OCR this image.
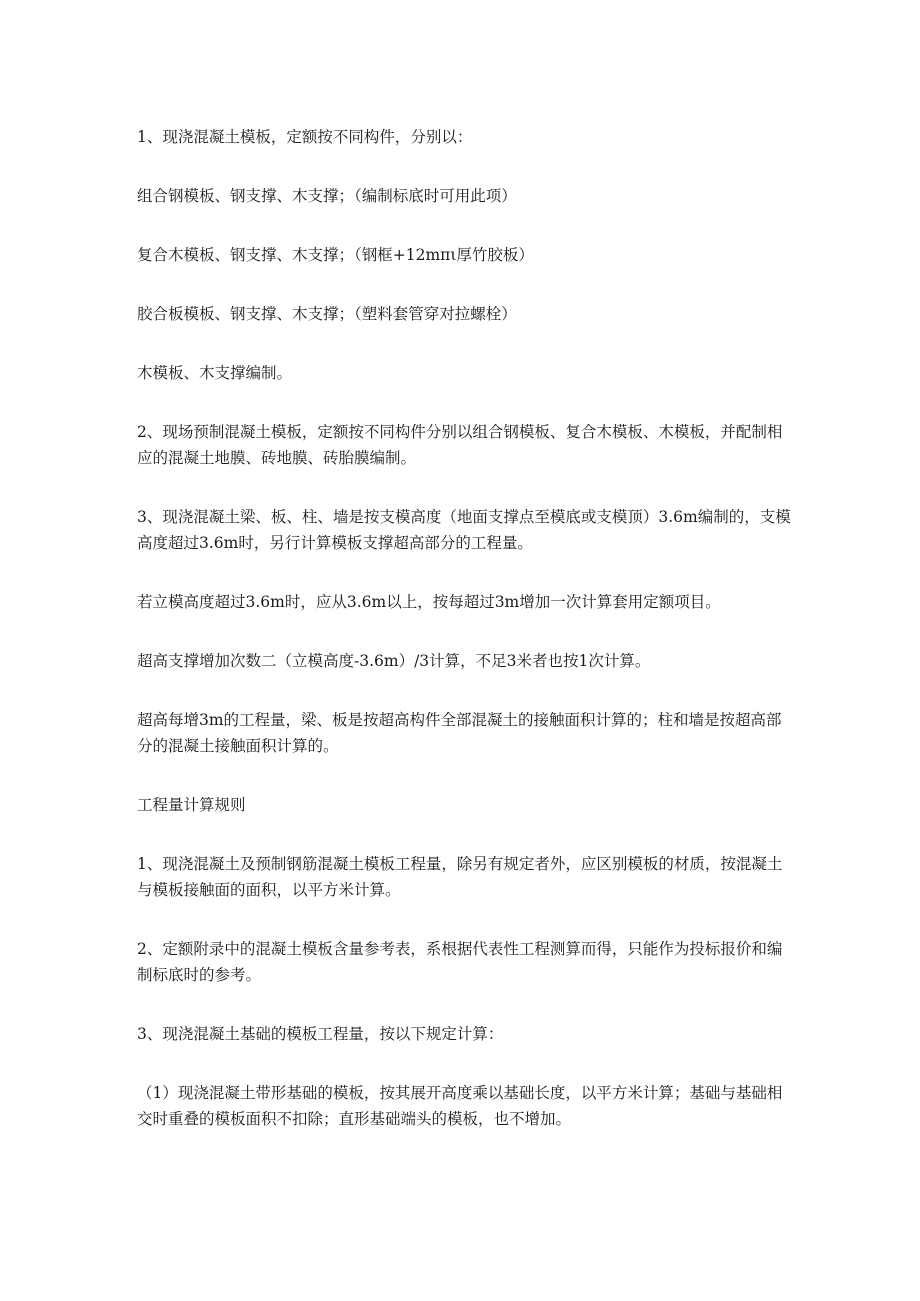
1、现浇混凝土模板，定额按不同构件，分别以：

组合钢模板、钢支撑、木支撑；（编制标底时可用此项）

复合木模板、钢支撑、木支撑；（钢框+12mπι厚竹胶板）

胶合板模板、钢支撑、木支撑；（塑料套管穿对拉螺栓）

木模板、木支撑编制。

2、现场预制混凝土模板，定额按不同构件分别以组合钢模板、复合木模板、木模板，并配制相应的混凝土地膜、砖地膜、砖胎膜编制。

3、现浇混凝土梁、板、柱、墙是按支模高度（地面支撑点至模底或支模顶）3.6m编制的，支模高度超过3.6m时，另行计算模板支撑超高部分的工程量。

若立模高度超过3.6m时，应从3.6m以上，按每超过3m增加一次计算套用定额项目。

超高支撑增加次数二（立模高度-3.6m）/3计算，不足3米者也按1次计算。

超高每增3m的工程量，梁、板是按超高构件全部混凝土的接触面积计算的；柱和墙是按超高部分的混凝土接触面积计算的。

工程量计算规则

1、现浇混凝土及预制钢筋混凝土模板工程量，除另有规定者外，应区别模板的材质，按混凝土与模板接触面的面积，以平方米计算。

2、定额附录中的混凝土模板含量参考表，系根据代表性工程测算而得，只能作为投标报价和编制标底时的参考。

3、现浇混凝土基础的模板工程量，按以下规定计算：

（1）现浇混凝土带形基础的模板，按其展开高度乘以基础长度，以平方米计算；基础与基础相交时重叠的模板面积不扣除；直形基础端头的模板，也不增加。
